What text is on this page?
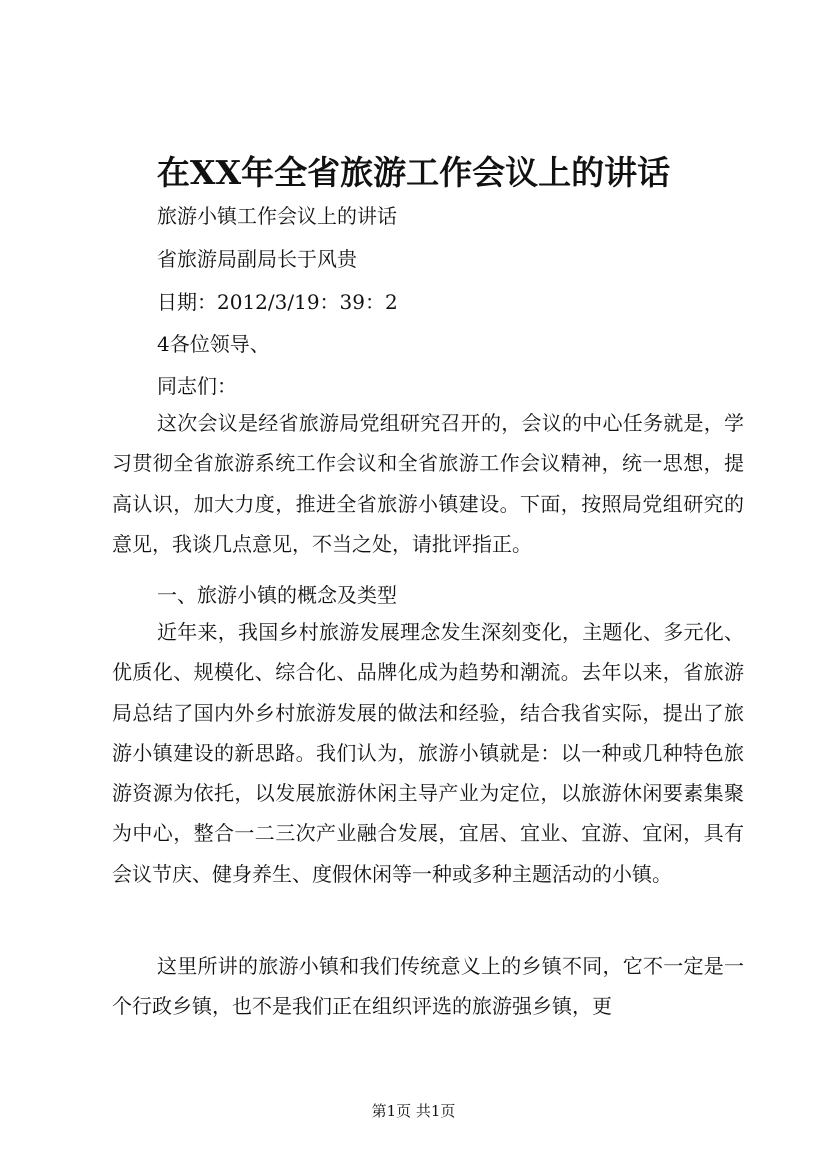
在XX年全省旅游工作会议上的讲话
旅游小镇工作会议上的讲话
省旅游局副局长于风贵
日期：2012/3/19：39：2
4各位领导、
同志们：

这次会议是经省旅游局党组研究召开的，会议的中心任务就是，学习贯彻全省旅游系统工作会议和全省旅游工作会议精神，统一思想，提高认识，加大力度，推进全省旅游小镇建设。下面，按照局党组研究的意见，我谈几点意见，不当之处，请批评指正。

一、旅游小镇的概念及类型

近年来，我国乡村旅游发展理念发生深刻变化，主题化、多元化、优质化、规模化、综合化、品牌化成为趋势和潮流。去年以来，省旅游局总结了国内外乡村旅游发展的做法和经验，结合我省实际，提出了旅游小镇建设的新思路。我们认为，旅游小镇就是：以一种或几种特色旅游资源为依托，以发展旅游休闲主导产业为定位，以旅游休闲要素集聚为中心，整合一二三次产业融合发展，宜居、宜业、宜游、宜闲，具有会议节庆、健身养生、度假休闲等一种或多种主题活动的小镇。

这里所讲的旅游小镇和我们传统意义上的乡镇不同，它不一定是一个行政乡镇，也不是我们正在组织评选的旅游强乡镇，更

第1页 共1页
